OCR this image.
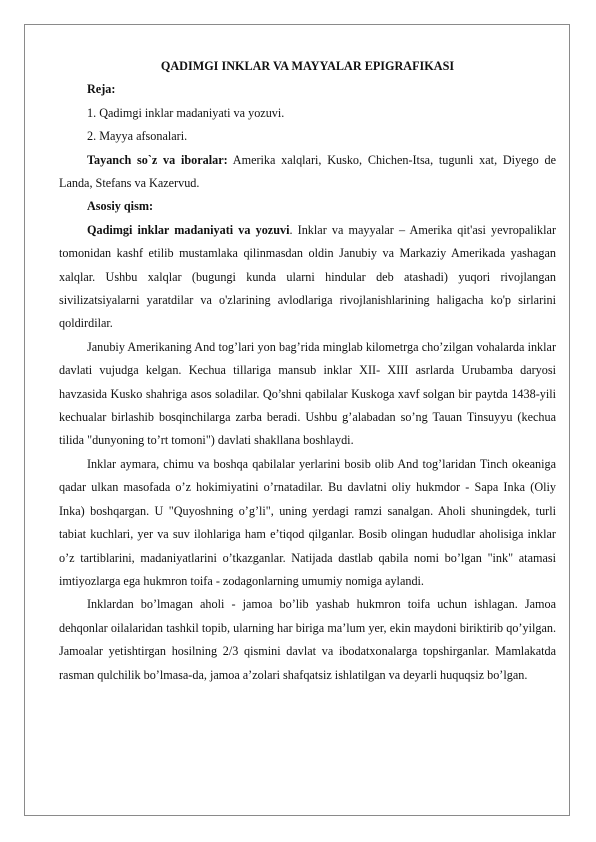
QADIMGI INKLAR VA MAYYALAR EPIGRAFIKASI

Reja:

1. Qadimgi inklar madaniyati va yozuvi.

2. Mayya afsonalari.

Tayanch so`z va iboralar: Amerika xalqlari, Kusko, Chichen-Itsa, tugunli xat, Diyego de Landa, Stefans va Kazervud.

Asosiy qism:

Qadimgi inklar madaniyati va yozuvi. Inklar va mayyalar – Amerika qit'asi yevropaliklar tomonidan kashf etilib mustamlaka qilinmasdan oldin Janubiy va Markaziy Amerikada yashagan xalqlar. Ushbu xalqlar (bugungi kunda ularni hindular deb atashadi) yuqori rivojlangan sivilizatsiyalarni yaratdilar va o'zlarining avlodlariga rivojlanishlarining haligacha ko'p sirlarini qoldirdilar.

Janubiy Amerikaning And tog’lari yon bag’rida minglab kilometrga cho’zilgan vohalarda inklar davlati vujudga kelgan. Kechua tillariga mansub inklar XII- XIII asrlarda Urubamba daryosi havzasida Kusko shahriga asos soladilar. Qo’shni qabilalar Kuskoga xavf solgan bir paytda 1438-yili kechualar birlashib bosqinchilarga zarba beradi. Ushbu g’alabadan so’ng Tauan Tinsuyyu (kechua tilida "dunyoning to’rt tomoni") davlati shakllana boshlaydi.

Inklar aymara, chimu va boshqa qabilalar yerlarini bosib olib And tog’laridan Tinch okeaniga qadar ulkan masofada o’z hokimiyatini o’rnatadilar. Bu davlatni oliy hukmdor - Sapa Inka (Oliy Inka) boshqargan. U "Quyoshning o’g’li", uning yerdagi ramzi sanalgan. Aholi shuningdek, turli tabiat kuchlari, yer va suv ilohlariga ham e’tiqod qilganlar. Bosib olingan hududlar aholisiga inklar o’z tartiblarini, madaniyatlarini o’tkazganlar. Natijada dastlab qabila nomi bo’lgan "ink" atamasi imtiyozlarga ega hukmron toifa - zodagonlarning umumiy nomiga aylandi.

Inklardan bo’lmagan aholi - jamoa bo’lib yashab hukmron toifa uchun ishlagan. Jamoa dehqonlar oilalaridan tashkil topib, ularning har biriga ma’lum yer, ekin maydoni biriktirib qo’yilgan. Jamoalar yetishtirgan hosilning 2/3 qismini davlat va ibodatxonalarga topshirganlar. Mamlakatda rasman qulchilik bo’lmasa-da, jamoa a’zolari shafqatsiz ishlatilgan va deyarli huquqsiz bo’lgan.
